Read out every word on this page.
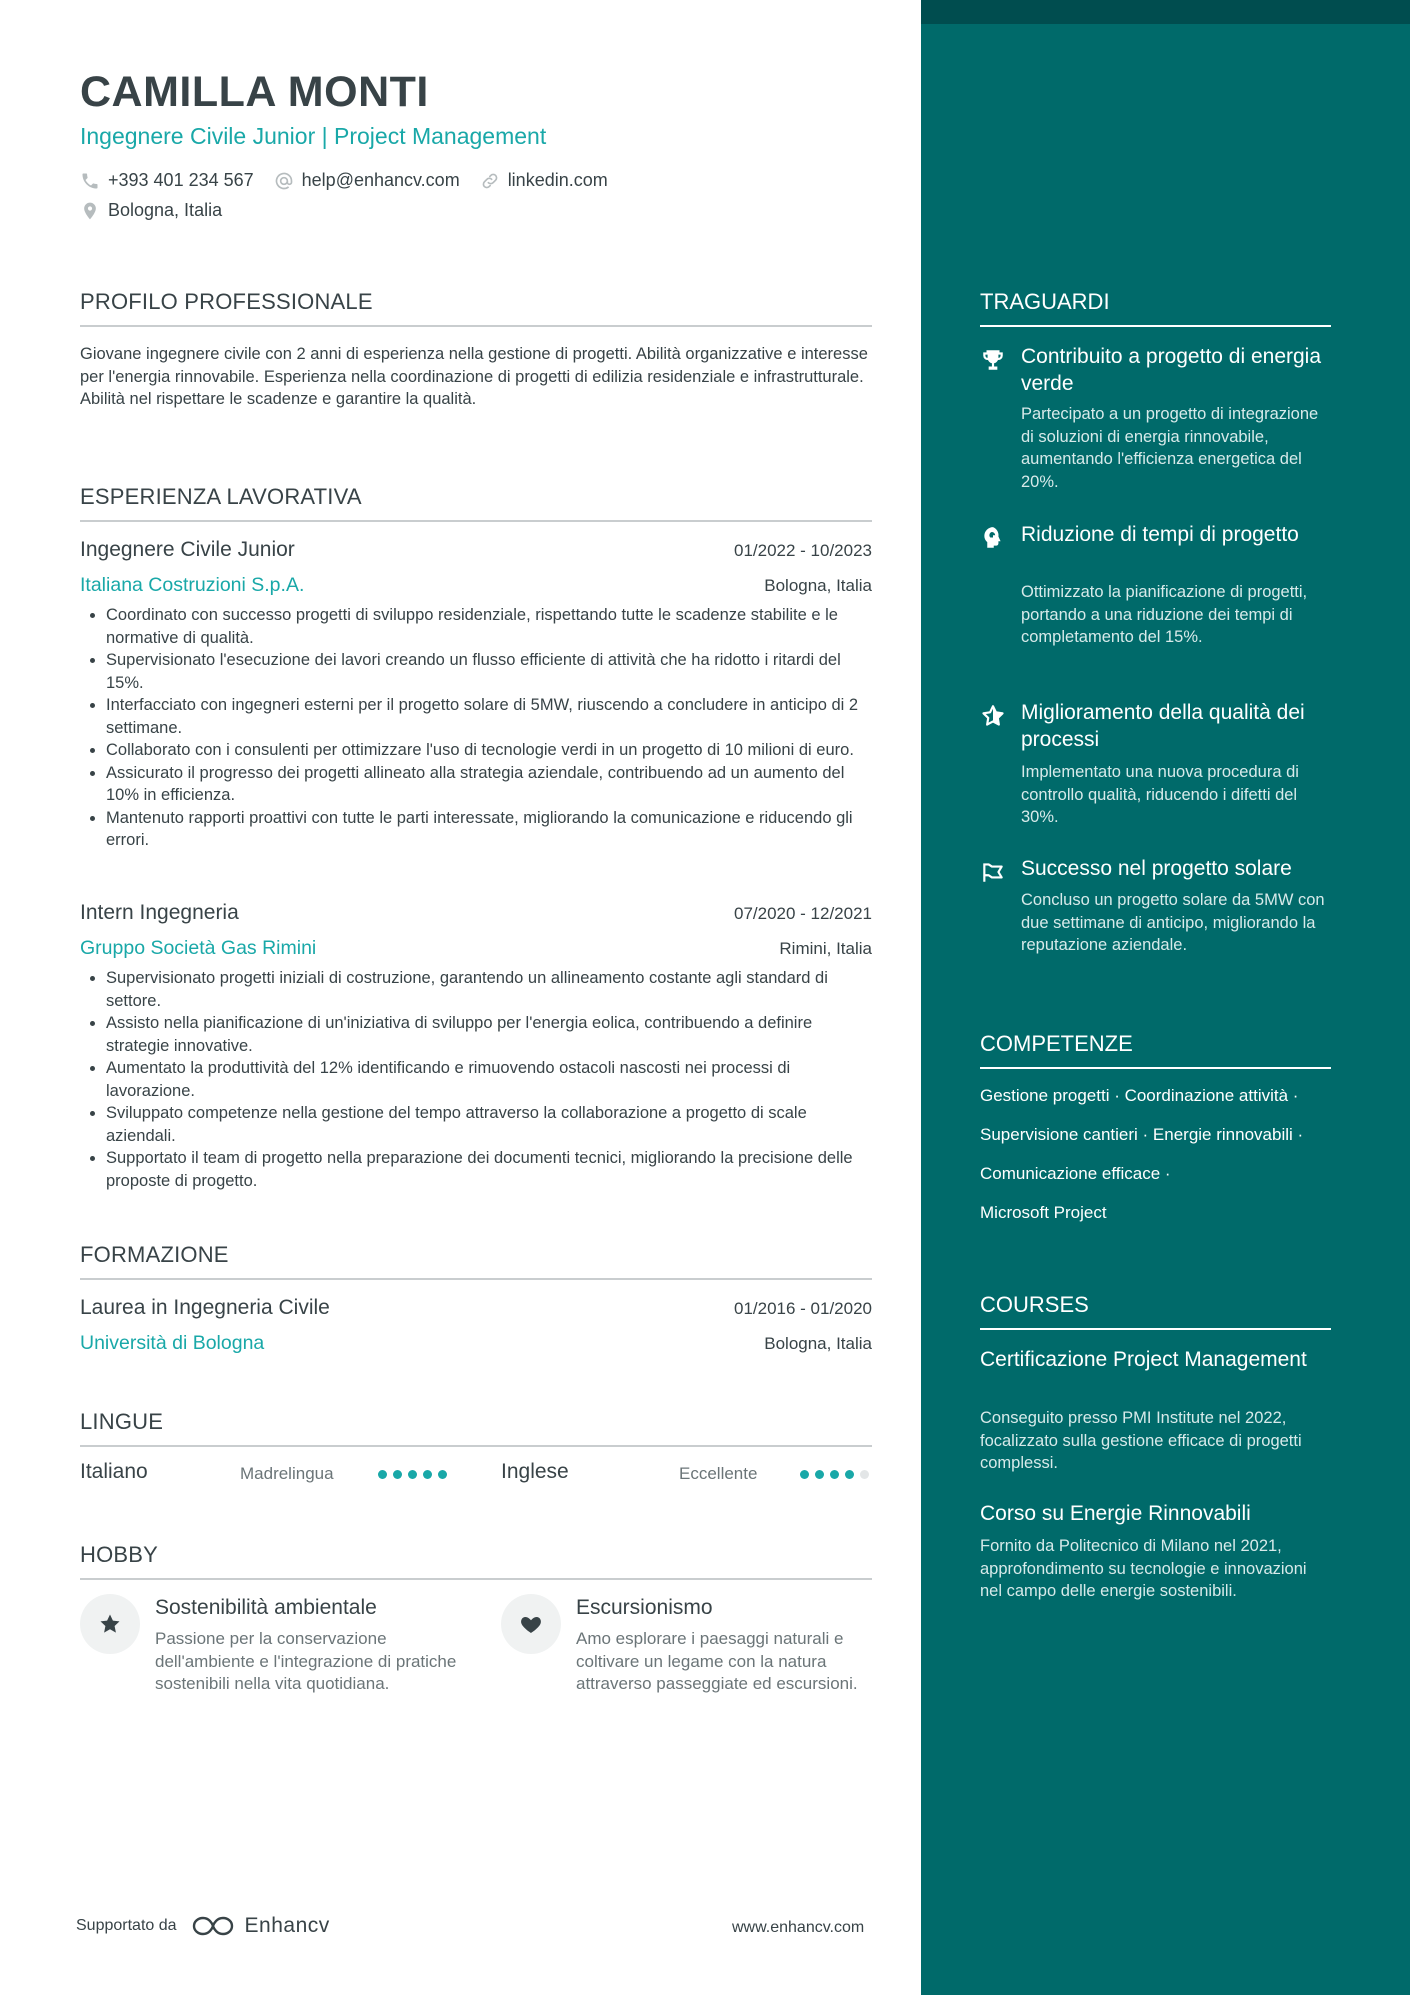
CAMILLA MONTI
Ingegnere Civile Junior | Project Management
+393 401 234 567	help@enhancv.com	linkedin.com
Bologna, Italia
PROFILO PROFESSIONALE
Giovane ingegnere civile con 2 anni di esperienza nella gestione di progetti. Abilità organizzative e interesse per l'energia rinnovabile. Esperienza nella coordinazione di progetti di edilizia residenziale e infrastrutturale. Abilità nel rispettare le scadenze e garantire la qualità.
ESPERIENZA LAVORATIVA
Ingegnere Civile Junior	01/2022 - 10/2023
Italiana Costruzioni S.p.A.	Bologna, Italia
• Coordinato con successo progetti di sviluppo residenziale, rispettando tutte le scadenze stabilite e le normative di qualità.
• Supervisionato l'esecuzione dei lavori creando un flusso efficiente di attività che ha ridotto i ritardi del 15%.
• Interfacciato con ingegneri esterni per il progetto solare di 5MW, riuscendo a concludere in anticipo di 2 settimane.
• Collaborato con i consulenti per ottimizzare l'uso di tecnologie verdi in un progetto di 10 milioni di euro.
• Assicurato il progresso dei progetti allineato alla strategia aziendale, contribuendo ad un aumento del 10% in efficienza.
• Mantenuto rapporti proattivi con tutte le parti interessate, migliorando la comunicazione e riducendo gli errori.
Intern Ingegneria	07/2020 - 12/2021
Gruppo Società Gas Rimini	Rimini, Italia
• Supervisionato progetti iniziali di costruzione, garantendo un allineamento costante agli standard di settore.
• Assisto nella pianificazione di un'iniziativa di sviluppo per l'energia eolica, contribuendo a definire strategie innovative.
• Aumentato la produttività del 12% identificando e rimuovendo ostacoli nascosti nei processi di lavorazione.
• Sviluppato competenze nella gestione del tempo attraverso la collaborazione a progetto di scale aziendali.
• Supportato il team di progetto nella preparazione dei documenti tecnici, migliorando la precisione delle proposte di progetto.
FORMAZIONE
Laurea in Ingegneria Civile	01/2016 - 01/2020
Università di Bologna	Bologna, Italia
LINGUE
Italiano	Madrelingua	Inglese	Eccellente
HOBBY
Sostenibilità ambientale
Passione per la conservazione dell'ambiente e l'integrazione di pratiche sostenibili nella vita quotidiana.
Escursionismo
Amo esplorare i paesaggi naturali e coltivare un legame con la natura attraverso passeggiate ed escursioni.
Supportato da	Enhancv	www.enhancv.com
TRAGUARDI
Contribuito a progetto di energia verde
Partecipato a un progetto di integrazione di soluzioni di energia rinnovabile, aumentando l'efficienza energetica del 20%.
Riduzione di tempi di progetto
Ottimizzato la pianificazione di progetti, portando a una riduzione dei tempi di completamento del 15%.
Miglioramento della qualità dei processi
Implementato una nuova procedura di controllo qualità, riducendo i difetti del 30%.
Successo nel progetto solare
Concluso un progetto solare da 5MW con due settimane di anticipo, migliorando la reputazione aziendale.
COMPETENZE
Gestione progetti · Coordinazione attività ·
Supervisione cantieri · Energie rinnovabili ·
Comunicazione efficace ·
Microsoft Project
COURSES
Certificazione Project Management
Conseguito presso PMI Institute nel 2022, focalizzato sulla gestione efficace di progetti complessi.
Corso su Energie Rinnovabili
Fornito da Politecnico di Milano nel 2021, approfondimento su tecnologie e innovazioni nel campo delle energie sostenibili.
